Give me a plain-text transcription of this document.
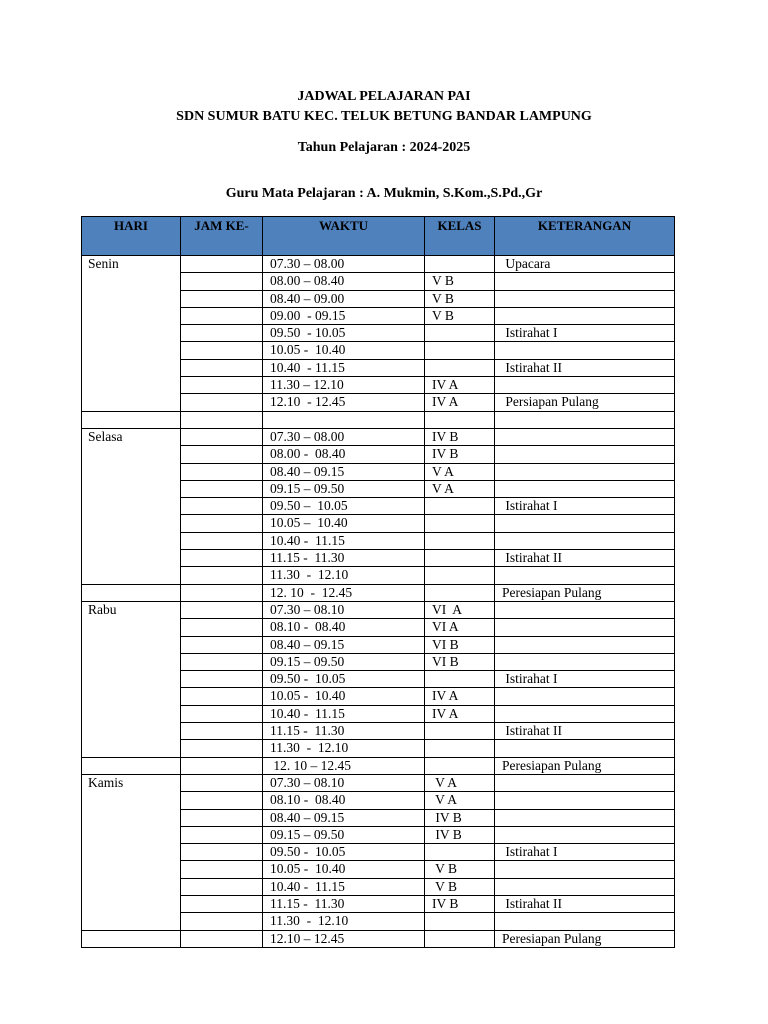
JADWAL PELAJARAN PAI
SDN SUMUR BATU KEC. TELUK BETUNG BANDAR LAMPUNG
Tahun Pelajaran : 2024-2025
Guru Mata Pelajaran : A. Mukmin, S.Kom.,S.Pd.,Gr
HARI	JAM KE-	WAKTU	KELAS	KETERANGAN
Senin		07.30 – 08.00		Upacara
		08.00 – 08.40	V B	
		08.40 – 09.00	V B	
		09.00  - 09.15	V B	
		09.50  - 10.05		Istirahat I
		10.05 -  10.40		
		10.40  - 11.15		Istirahat II
		11.30 – 12.10	IV A	
		12.10  - 12.45	IV A	Persiapan Pulang

Selasa		07.30 – 08.00	IV B	
		08.00 -  08.40	IV B	
		08.40 – 09.15	V A	
		09.15 – 09.50	V A	
		09.50 –  10.05		Istirahat I
		10.05 –  10.40		
		10.40 -  11.15		
		11.15 -  11.30		Istirahat II
		11.30  -  12.10		
		12. 10  -  12.45		Peresiapan Pulang
Rabu		07.30 – 08.10	VI  A	
		08.10 -  08.40	VI A	
		08.40 – 09.15	VI B	
		09.15 – 09.50	VI B	
		09.50 -  10.05		Istirahat I
		10.05 -  10.40	IV A	
		10.40 -  11.15	IV A	
		11.15 -  11.30		Istirahat II
		11.30  -  12.10		
		12. 10 – 12.45		Peresiapan Pulang
Kamis		07.30 – 08.10	V A	
		08.10 -  08.40	V A	
		08.40 – 09.15	IV B	
		09.15 – 09.50	IV B	
		09.50 -  10.05		Istirahat I
		10.05 -  10.40	V B	
		10.40 -  11.15	V B	
		11.15 -  11.30	IV B	Istirahat II
		11.30  -  12.10		
		12.10 – 12.45		Peresiapan Pulang
